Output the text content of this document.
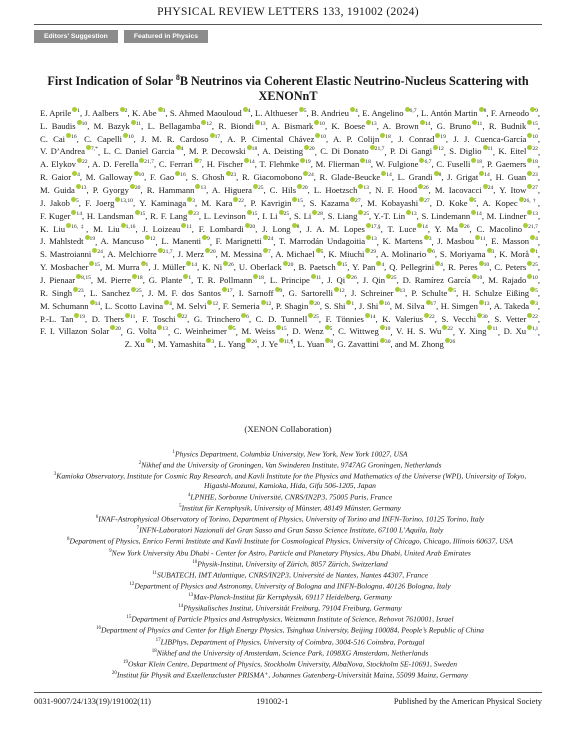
PHYSICAL REVIEW LETTERS 133, 191002 (2024)
Editors’ Suggestion	Featured in Physics
First Indication of Solar $^8$B Neutrinos via Coherent Elastic Neutrino-Nucleus Scattering with XENONnT
E. Aprile $^1$, J. Aalbers $^2$, K. Abe $^3$, S. Ahmed Maouloud $^4$, L. Althueser $^5$, B. Andrieu $^4$, E. Angelino $^{6,7}$, L. Antón Martin $^8$, F. Arneodo $^9$, L. Baudis $^{10}$, M. Bazyk $^{11}$, L. Bellagamba $^{12}$, R. Biondi $^{13}$, A. Bismark $^{10}$, K. Boese $^{13}$, A. Brown $^{14}$, G. Bruno $^{11}$, R. Budnik $^{15}$, C. Cai $^{16}$, C. Capelli $^{10}$, J. M. R. Cardoso $^{17}$, A. P. Cimental Chávez $^{10}$, A. P. Colijn $^{18}$, J. Conrad $^{19}$, J. J. Cuenca-García $^{10}$, V. D’Andrea $^{7,*}$, L. C. Daniel Garcia $^4$, M. P. Decowski $^{18}$, A. Deisting $^{20}$, C. Di Donato $^{21,7}$, P. Di Gangi $^{12}$, S. Diglio $^{11}$, K. Eitel $^{22}$, A. Elykov $^{22}$, A. D. Ferella $^{21,7}$, C. Ferrari $^7$, H. Fischer $^{14}$, T. Flehmke $^{19}$, M. Flierman $^{18}$, W. Fulgione $^{6,7}$, C. Fuselli $^{18}$, P. Gaemers $^{18}$, R. Gaior $^4$, M. Galloway $^{10}$, F. Gao $^{16}$, S. Ghosh $^{23}$, R. Giacomobono $^{24}$, R. Glade-Beucke $^{14}$, L. Grandi $^8$, J. Grigat $^{14}$, H. Guan $^{23}$, M. Guida $^{13}$, P. Gyorgy $^{20}$, R. Hammann $^{13}$, A. Higuera $^{25}$, C. Hils $^{20}$, L. Hoetzsch $^{13}$, N. F. Hood $^{26}$, M. Iacovacci $^{24}$, Y. Itow $^{27}$, J. Jakob $^5$, F. Joerg $^{13,10}$, Y. Kaminaga $^3$, M. Kara $^{22}$, P. Kavrigin $^{15}$, S. Kazama $^{27}$, M. Kobayashi $^{27}$, D. Koke $^5$, A. Kopec $^{26,\dagger}$, F. Kuger $^{14}$, H. Landsman $^{15}$, R. F. Lang $^{23}$, L. Levinson $^{15}$, I. Li $^{25}$, S. Li $^{28}$, S. Liang $^{25}$, Y.-T. Lin $^{13}$, S. Lindemann $^{14}$, M. Lindner $^{13}$, K. Liu $^{16,\ddagger}$, M. Liu $^{1,16}$, J. Loizeau $^{11}$, F. Lombardi $^{20}$, J. Long $^8$, J. A. M. Lopes $^{17,\S}$, T. Luce $^{14}$, Y. Ma $^{26}$, C. Macolino $^{21,7}$, J. Mahlstedt $^{19}$, A. Mancuso $^{12}$, L. Manenti $^9$, F. Marignetti $^{24}$, T. Marrodán Undagoitia $^{13}$, K. Martens $^3$, J. Masbou $^{11}$, E. Masson $^4$, S. Mastroianni $^{24}$, A. Melchiorre $^{21,7}$, J. Merz $^{20}$, M. Messina $^7$, A. Michael $^5$, K. Miuchi $^{29}$, A. Molinario $^6$, S. Moriyama $^3$, K. Morå $^1$, Y. Mosbacher $^{15}$, M. Murra $^1$, J. Müller $^{14}$, K. Ni $^{26}$, U. Oberlack $^{20}$, B. Paetsch $^{15}$, Y. Pan $^4$, Q. Pellegrini $^4$, R. Peres $^{10}$, C. Peters $^{25}$, J. Pienaar $^{8,15}$, M. Pierre $^{18}$, G. Plante $^1$, T. R. Pollmann $^{18}$, L. Principe $^{11}$, J. Qi $^{26}$, J. Qin $^{25}$, D. Ramírez García $^{10}$, M. Rajado $^{10}$, R. Singh $^{23}$, L. Sanchez $^{25}$, J. M. F. dos Santos $^{17}$, I. Sarnoff $^9$, G. Sartorelli $^{12}$, J. Schreiner $^{13}$, P. Schulte $^5$, H. Schulze Eißing $^5$, M. Schumann $^{14}$, L. Scotto Lavina $^4$, M. Selvi $^{12}$, F. Semeria $^{12}$, P. Shagin $^{20}$, S. Shi $^1$, J. Shi $^{16}$, M. Silva $^{17}$, H. Simgen $^{13}$, A. Takeda $^3$, P.-L. Tan $^{19}$, D. Thers $^{11}$, F. Toschi $^{22}$, G. Trinchero $^6$, C. D. Tunnell $^{25}$, F. Tönnies $^{14}$, K. Valerius $^{22}$, S. Vecchi $^{30}$, S. Vetter $^{22}$, F. I. Villazon Solar $^{20}$, G. Volta $^{13}$, C. Weinheimer $^5$, M. Weiss $^{15}$, D. Wenz $^5$, C. Wittweg $^{10}$, V. H. S. Wu $^{22}$, Y. Xing $^{11}$, D. Xu $^{1,‖}$, Z. Xu $^1$, M. Yamashita $^3$, L. Yang $^{26}$, J. Ye $^{11,\P}$, L. Yuan $^8$, G. Zavattini $^{30}$, and M. Zhong $^{26}$
(XENON Collaboration)
$^1$Physics Department, Columbia University, New York, New York 10027, USA
$^2$Nikhef and the University of Groningen, Van Swinderen Institute, 9747AG Groningen, Netherlands
$^3$Kamioka Observatory, Institute for Cosmic Ray Research, and Kavli Institute for the Physics and Mathematics of the Universe (WPI), University of Tokyo, Higashi-Mozumi, Kamioka, Hida, Gifu 506-1205, Japan
$^4$LPNHE, Sorbonne Université, CNRS/IN2P3, 75005 Paris, France
$^5$Institut für Kernphysik, University of Münster, 48149 Münster, Germany
$^6$INAF-Astrophysical Observatory of Torino, Department of Physics, University of Torino and INFN-Torino, 10125 Torino, Italy
$^7$INFN-Laboratori Nazionali del Gran Sasso and Gran Sasso Science Institute, 67100 L’Aquila, Italy
$^8$Department of Physics, Enrico Fermi Institute and Kavli Institute for Cosmological Physics, University of Chicago, Chicago, Illinois 60637, USA
$^9$New York University Abu Dhabi - Center for Astro, Particle and Planetary Physics, Abu Dhabi, United Arab Emirates
$^{10}$Physik-Institut, University of Zürich, 8057 Zürich, Switzerland
$^{11}$SUBATECH, IMT Atlantique, CNRS/IN2P3, Université de Nantes, Nantes 44307, France
$^{12}$Department of Physics and Astronomy, University of Bologna and INFN-Bologna, 40126 Bologna, Italy
$^{13}$Max-Planck-Institut für Kernphysik, 69117 Heidelberg, Germany
$^{14}$Physikalisches Institut, Universität Freiburg, 79104 Freiburg, Germany
$^{15}$Department of Particle Physics and Astrophysics, Weizmann Institute of Science, Rehovot 7610001, Israel
$^{16}$Department of Physics and Center for High Energy Physics, Tsinghua University, Beijing 100084, People’s Republic of China
$^{17}$LIBPhys, Department of Physics, University of Coimbra, 3004-516 Coimbra, Portugal
$^{18}$Nikhef and the University of Amsterdam, Science Park, 1098XG Amsterdam, Netherlands
$^{19}$Oskar Klein Centre, Department of Physics, Stockholm University, AlbaNova, Stockholm SE-10691, Sweden
$^{20}$Institut für Physik and Exzellenzcluster PRISMA⁺, Johannes Gutenberg-Universität Mainz, 55099 Mainz, Germany
0031-9007/24/133(19)/191002(11)	191002-1	Published by the American Physical Society
